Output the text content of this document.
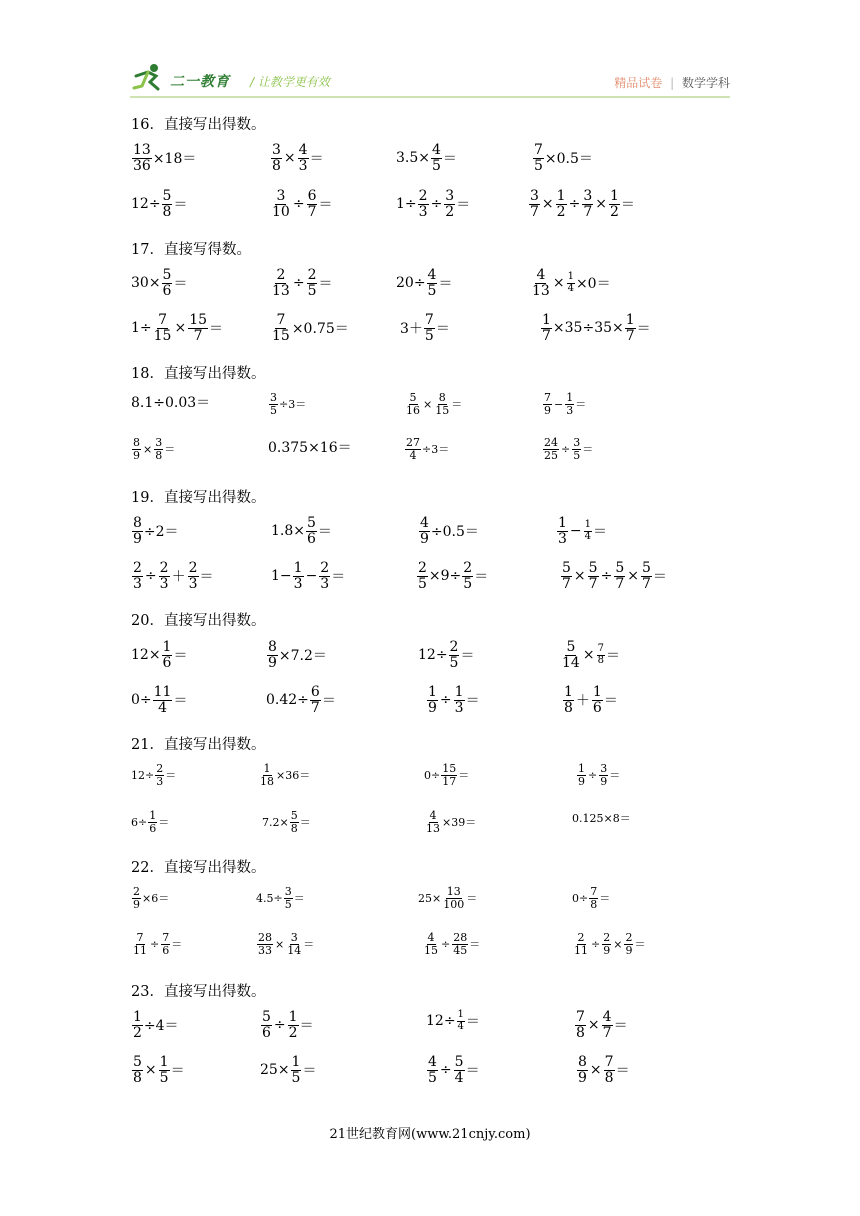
二一教育 / 让教学更有效	精品试卷 | 数学学科
16．直接写出得数。
$\frac{13}{36} \times 18=$	$\frac{3}{8} \times \frac{4}{3}$ ＝	$3.5\times \frac{4}{5}$ ＝	$\frac{7}{5} \times 0.5=$
$12\div \frac{5}{8}$ ＝	$\frac{3}{10} \div \frac{6}{7}$ ＝	$1\div \frac{2}{3} \div \frac{3}{2}$ ＝	$\frac{3}{7} \times \frac{1}{2} \div \frac{3}{7} \times \frac{1}{2}$ ＝
17．直接写得数。
$30\times \frac{5}{6}$ ＝	$\frac{2}{13} \div \frac{2}{5}$ ＝	$20\div \frac{4}{5}$ ＝	$\frac{4}{13} \times \frac{1}{4} \times 0=$
$1\div \frac{7}{15} \times \frac{15}{7}$ ＝	$\frac{7}{15} \times 0.75=$	$3+ \frac{7}{5}$ ＝	$\frac{1}{7} \times 35\div 35\times \frac{1}{7}$ ＝
18．直接写出得数。
8.1÷0.03＝	$\frac{3}{5} \div 3=$	$\frac{5}{16} \times \frac{8}{15}$ ＝	$\frac{7}{9} - \frac{1}{3}$ ＝
$\frac{8}{9} \times \frac{3}{8}$ ＝	0.375×16＝	$\frac{27}{4} \div 3=$	$\frac{24}{25} \div \frac{3}{5}$ ＝
19．直接写出得数。
$\frac{8}{9} \div 2=$	$1.8\times \frac{5}{6}$ ＝	$\frac{4}{9} \div 0.5=$	$\frac{1}{3} - \frac{1}{4}$ ＝
$\frac{2}{3} \div \frac{2}{3} + \frac{2}{3}$ ＝	$1- \frac{1}{3} - \frac{2}{3}$ ＝	$\frac{2}{5} \times 9\div \frac{2}{5}$ ＝	$\frac{5}{7} \times \frac{5}{7} \div \frac{5}{7} \times \frac{5}{7}$ ＝
20．直接写出得数。
$12\times \frac{1}{6}$ ＝	$\frac{8}{9} \times 7.2=$	$12\div \frac{2}{5}$ ＝	$\frac{5}{14} \times \frac{7}{8}$ ＝
$0\div \frac{11}{4}$ ＝	$0.42\div \frac{6}{7}$ ＝	$\frac{1}{9} \div \frac{1}{3}$ ＝	$\frac{1}{8} + \frac{1}{6}$ ＝
21．直接写出得数。
$12\div \frac{2}{3}$ ＝	$\frac{1}{18} \times 36=$	$0\div \frac{15}{17}$ ＝	$\frac{1}{9} \div \frac{3}{9}$ ＝
$6\div \frac{1}{6}$ ＝	$7.2\times \frac{5}{8}$ ＝	$\frac{4}{13} \times 39=$	0.125×8＝
22．直接写出得数。
$\frac{2}{9} \times 6=$	$4.5\div \frac{3}{5}$ ＝	$25\times \frac{13}{100}$ ＝	$0\div \frac{7}{8}$ ＝
$\frac{7}{11} \div \frac{7}{6}$ ＝	$\frac{28}{33} \times \frac{3}{14}$ ＝	$\frac{4}{15} \div \frac{28}{45}$ ＝	$\frac{2}{11} \div \frac{2}{9} \times \frac{2}{9}$ ＝
23．直接写出得数。
$\frac{1}{2} \div 4=$	$\frac{5}{6} \div \frac{1}{2}$ ＝	$12\div \frac{1}{4}$ ＝	$\frac{7}{8} \times \frac{4}{7}$ ＝
$\frac{5}{8} \times \frac{1}{5}$ ＝	$25\times \frac{1}{5}$ ＝	$\frac{4}{5} \div \frac{5}{4}$ ＝	$\frac{8}{9} \times \frac{7}{8}$ ＝
21世纪教育网(www.21cnjy.com)
